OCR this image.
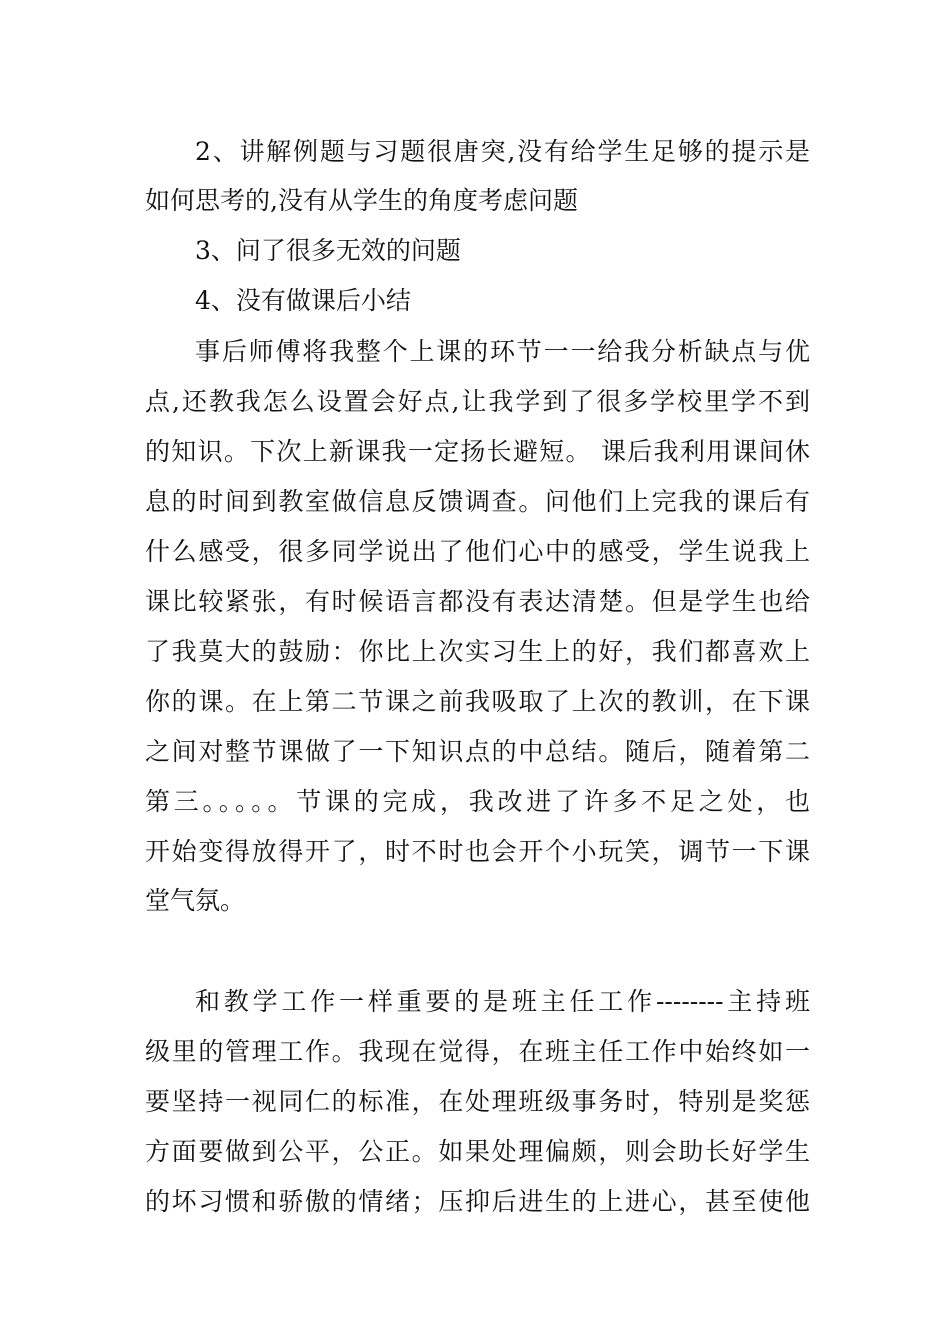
2、讲解例题与习题很唐突,没有给学生足够的提示是
如何思考的,没有从学生的角度考虑问题
3、问了很多无效的问题
4、没有做课后小结
事后师傅将我整个上课的环节一一给我分析缺点与优
点,还教我怎么设置会好点,让我学到了很多学校里学不到
的知识。下次上新课我一定扬长避短。 课后我利用课间休
息的时间到教室做信息反馈调查。问他们上完我的课后有
什么感受，很多同学说出了他们心中的感受，学生说我上
课比较紧张，有时候语言都没有表达清楚。但是学生也给
了我莫大的鼓励：你比上次实习生上的好，我们都喜欢上
你的课。在上第二节课之前我吸取了上次的教训，在下课
之间对整节课做了一下知识点的中总结。随后，随着第二
第三。。。。。节课的完成，我改进了许多不足之处，也
开始变得放得开了，时不时也会开个小玩笑，调节一下课
堂气氛。
和教学工作一样重要的是班主任工作--------主持班
级里的管理工作。我现在觉得，在班主任工作中始终如一
要坚持一视同仁的标准，在处理班级事务时，特别是奖惩
方面要做到公平，公正。如果处理偏颇，则会助长好学生
的坏习惯和骄傲的情绪；压抑后进生的上进心，甚至使他
